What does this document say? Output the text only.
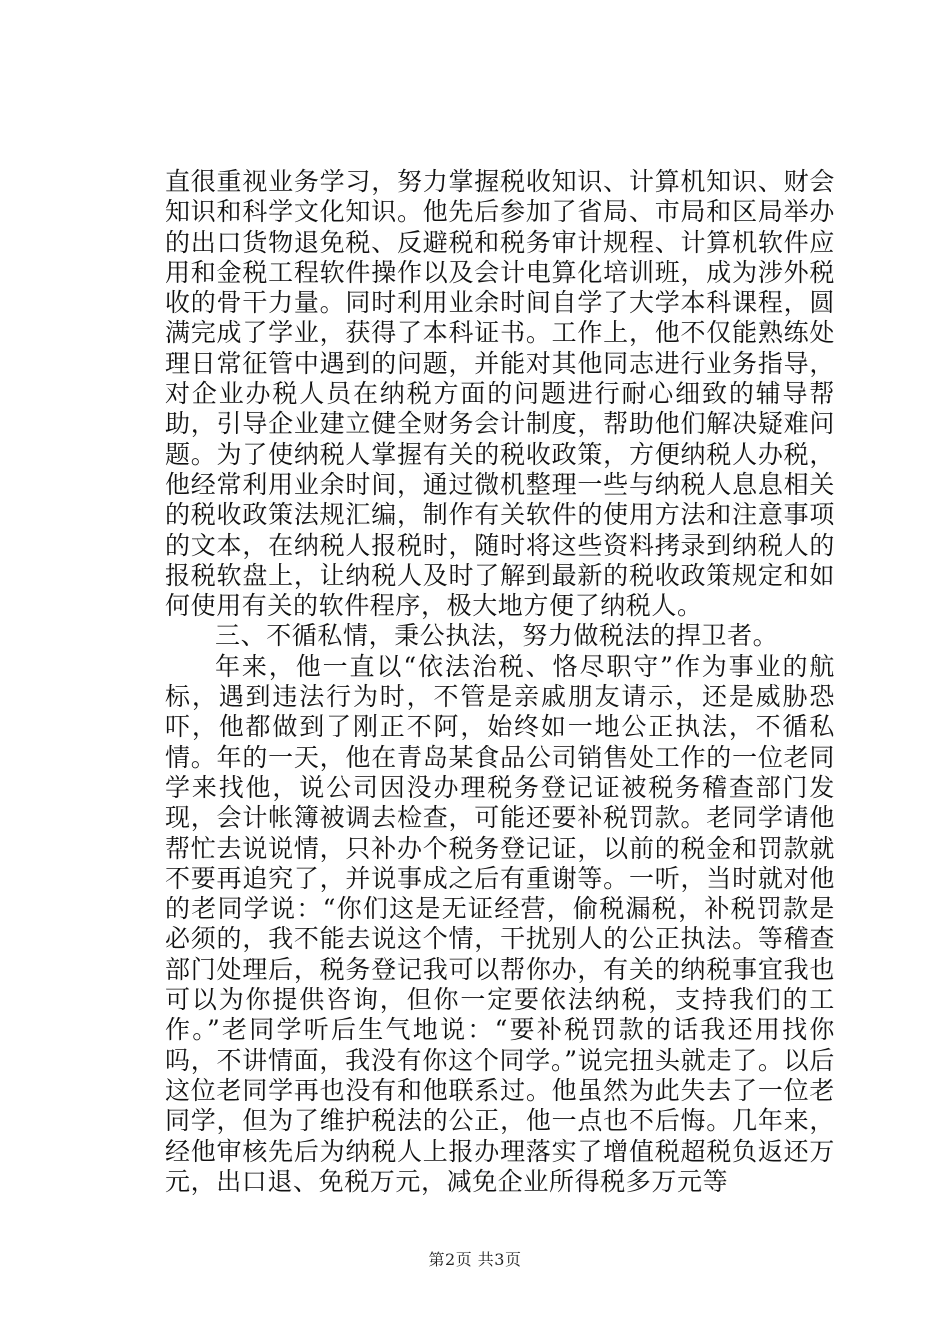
直很重视业务学习，努力掌握税收知识、计算机知识、财会知识和科学文化知识。他先后参加了省局、市局和区局举办的出口货物退免税、反避税和税务审计规程、计算机软件应用和金税工程软件操作以及会计电算化培训班，成为涉外税收的骨干力量。同时利用业余时间自学了大学本科课程，圆满完成了学业，获得了本科证书。工作上，他不仅能熟练处理日常征管中遇到的问题，并能对其他同志进行业务指导，对企业办税人员在纳税方面的问题进行耐心细致的辅导帮助，引导企业建立健全财务会计制度，帮助他们解决疑难问题。为了使纳税人掌握有关的税收政策，方便纳税人办税，他经常利用业余时间，通过微机整理一些与纳税人息息相关的税收政策法规汇编，制作有关软件的使用方法和注意事项的文本，在纳税人报税时，随时将这些资料拷录到纳税人的报税软盘上，让纳税人及时了解到最新的税收政策规定和如何使用有关的软件程序，极大地方便了纳税人。

三、不循私情，秉公执法，努力做税法的捍卫者。

年来，他一直以“依法治税、恪尽职守”作为事业的航标，遇到违法行为时，不管是亲戚朋友请示，还是威胁恐吓，他都做到了刚正不阿，始终如一地公正执法，不循私情。年的一天，他在青岛某食品公司销售处工作的一位老同学来找他，说公司因没办理税务登记证被税务稽查部门发现，会计帐簿被调去检查，可能还要补税罚款。老同学请他帮忙去说说情，只补办个税务登记证，以前的税金和罚款就不要再追究了，并说事成之后有重谢等。一听，当时就对他的老同学说：“你们这是无证经营，偷税漏税，补税罚款是必须的，我不能去说这个情，干扰别人的公正执法。等稽查部门处理后，税务登记我可以帮你办，有关的纳税事宜我也可以为你提供咨询，但你一定要依法纳税，支持我们的工作。”老同学听后生气地说：“要补税罚款的话我还用找你吗，不讲情面，我没有你这个同学。”说完扭头就走了。以后这位老同学再也没有和他联系过。他虽然为此失去了一位老同学，但为了维护税法的公正，他一点也不后悔。几年来，经他审核先后为纳税人上报办理落实了增值税超税负返还万元，出口退、免税万元，减免企业所得税多万元等

第2页 共3页
